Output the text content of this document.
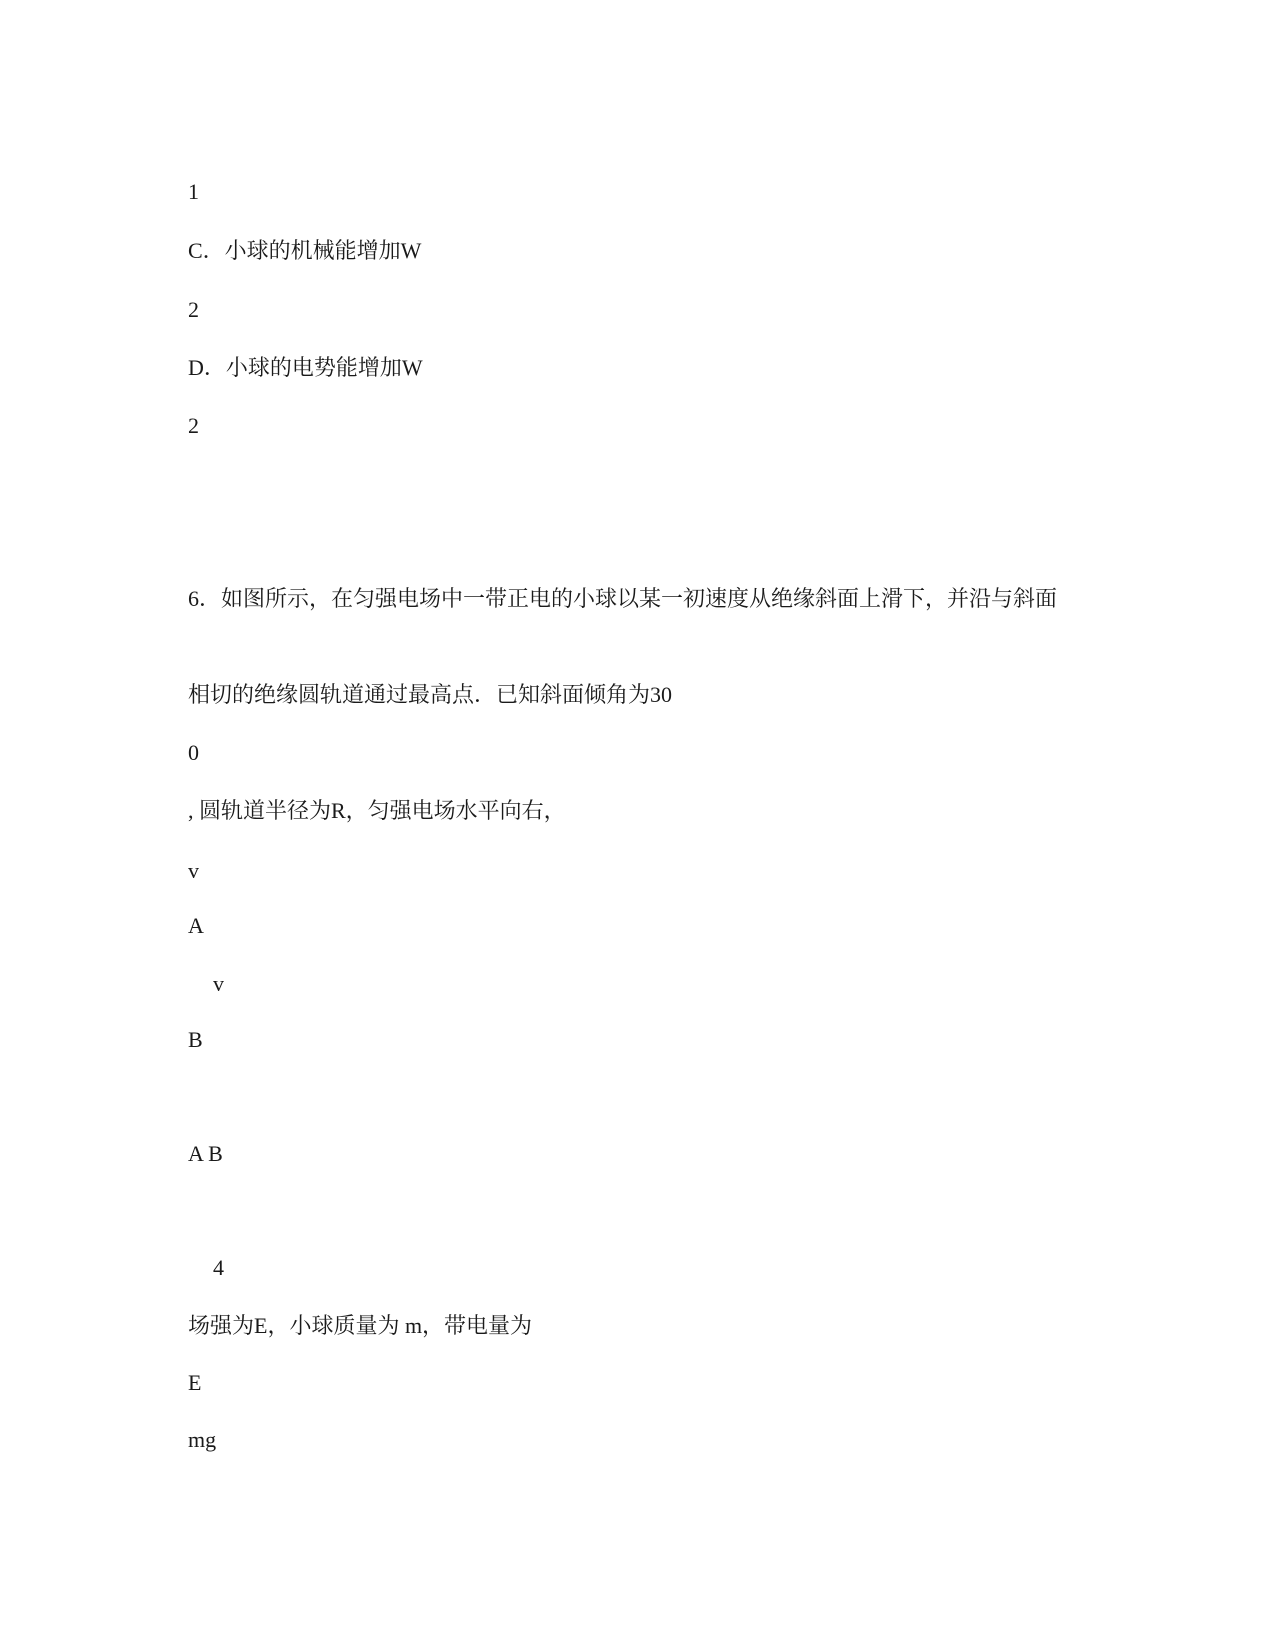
1
C．小球的机械能增加W
2
D．小球的电势能增加W
2
6．如图所示，在匀强电场中一带正电的小球以某一初速度从绝缘斜面上滑下，并沿与斜面
相切的绝缘圆轨道通过最高点．已知斜面倾角为30
0
, 圆轨道半径为R，匀强电场水平向右，
v
A
v
B
A B
4
场强为E，小球质量为 m，带电量为
E
mg
